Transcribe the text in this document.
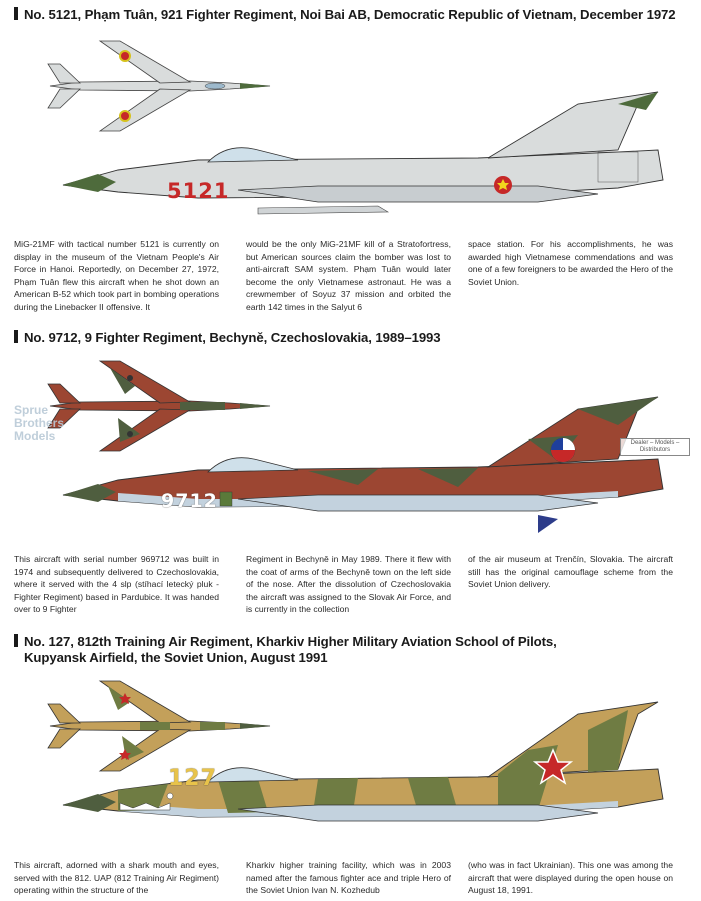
No. 5121, Phạm Tuân, 921 Fighter Regiment, Noi Bai AB, Democratic Republic of Vietnam, December 1972
5121
MiG-21MF with tactical number 5121 is currently on display in the museum of the Vietnam People's Air Force in Hanoi. Reportedly, on December 27, 1972, Phạm Tuân flew this aircraft when he shot down an American B-52 which took part in bombing operations during the Linebacker II offensive. It
would be the only MiG-21MF kill of a Stratofortress, but American sources claim the bomber was lost to anti-aircraft SAM system. Phạm Tuân would later become the only Vietnamese astronaut. He was a crewmember of Soyuz 37 mission and orbited the earth 142 times in the Salyut 6
space station. For his accomplishments, he was awarded high Vietnamese commendations and was one of a few foreigners to be awarded the Hero of the Soviet Union.
No. 9712, 9 Fighter Regiment, Bechyně, Czechoslovakia, 1989–1993
9712
Sprue
Brothers
Models	Dealer – Models – Distributors
This aircraft with serial number 969712 was built in 1974 and subsequently delivered to Czechoslovakia, where it served with the 4 slp (stíhací letecký pluk - Fighter Regiment) based in Pardubice. It was handed over to 9 Fighter
Regiment in Bechyně in May 1989. There it flew with the coat of arms of the Bechyně town on the left side of the nose. After the dissolution of Czechoslovakia the aircraft was assigned to the Slovak Air Force, and is currently in the collection
of the air museum at Trenčín, Slovakia. The aircraft still has the original camouflage scheme from the Soviet Union delivery.
No. 127, 812th Training Air Regiment, Kharkiv Higher Military Aviation School of Pilots,
Kupyansk Airfield, the Soviet Union, August 1991
127
This aircraft, adorned with a shark mouth and eyes, served with the 812. UAP (812 Training Air Regiment) operating within the structure of the
Kharkiv higher training facility, which was in 2003 named after the famous fighter ace and triple Hero of the Soviet Union Ivan N. Kozhedub
(who was in fact Ukrainian). This one was among the aircraft that were displayed during the open house on August 18, 1991.
